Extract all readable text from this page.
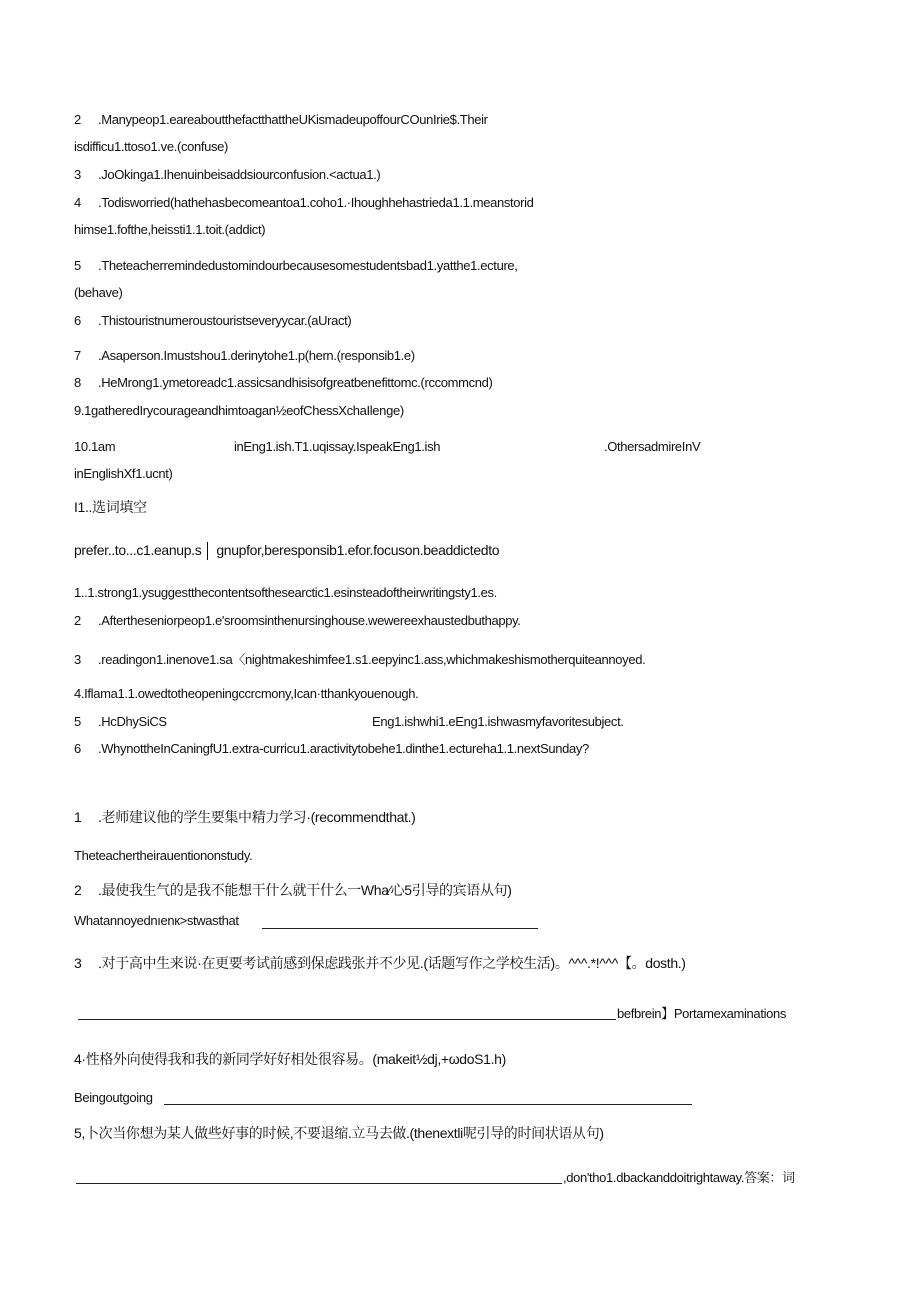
2 .Manypeop1.eareaboutthefactthattheUKismadeupoffourCOunIrie$.Their
isdifficu1.ttoso1.ve.(confuse)
3 .JoOkinga1.Ihenuinbeisaddsiourconfusion.<actua1.)
4 .Todisworried(hathehasbecomeantoa1.coho1.·Ihoughhehastrieda1.1.meanstorid
himse1.fofthe,heissti1.1.toit.(addict)
5 .Theteacherremindedustomindourbecausesomestudentsbad1.yatthe1.ecture,
(behave)
6 .Thistouristnumeroustouristseveryycar.(aUract)
7 .Asaperson.Imustshou1.derinytohe1.p(hern.(responsib1.e)
8 .HeMrong1.ymetoreadc1.assicsandhisisofgreatbenefittomc.(rccommcnd)
9.1gatheredIrycourageandhimtoagan½eofChessXchaIlenge)
10.1am	inEng1.ish.T1.uqissay.IspeakEng1.ish	.OthersadmireInV
inEnglishXf1.ucnt)
I1..选词填空
prefer..to...c1.eanup.s gnupfor,beresponsib1.efor.focuson.beaddictedto
1..1.strong1.ysuggestthecontentsofthesearctic1.esinsteadoftheirwritingsty1.es.
2 .Aftertheseniorpeop1.e'sroomsinthenursinghouse.wewereexhaustedbuthappy.
3 .readingon1.inenove1.sa〈nightmakeshimfee1.s1.eepyinc1.ass,whichmakeshismotherquiteannoyed.
4.Iflama1.1.owedtotheopeningccrcmony,Ican·tthankyouenough.
5 .HcDhySiCS	Eng1.ishwhi1.eEng1.ishwasmyfavoritesubject.
6 .WhynottheInCaningfU1.extra-curricu1.aractivitytobehe1.dinthe1.ectureha1.1.nextSunday?
1 .老师建议他的学生要集中精力学习·(recommendthat.)
Theteachertheirauentiononstudy.
2 .最使我生气的是我不能想干什么就干什么一Wha⁄心5引导的宾语从句)
Whatannoyednıenк>stwasthat
3 .对于高中生来说·在更要考试前感到保虑践张并不少见.(话题写作之学校生活)。^^^.*!^^^【。dosth.)
befbrein】Portamexaminations
4·性格外向使得我和我的新同学好好相处很容易。(makeit½dj,+ωdoS1.h)
Beingoutgoing
5,卜次当你想为某人做些好事的时候,不要退缩.立马去做.(thenextli呢引导的时间状语从句)
,don'tho1.dbackanddoitrightaway.答案：词
